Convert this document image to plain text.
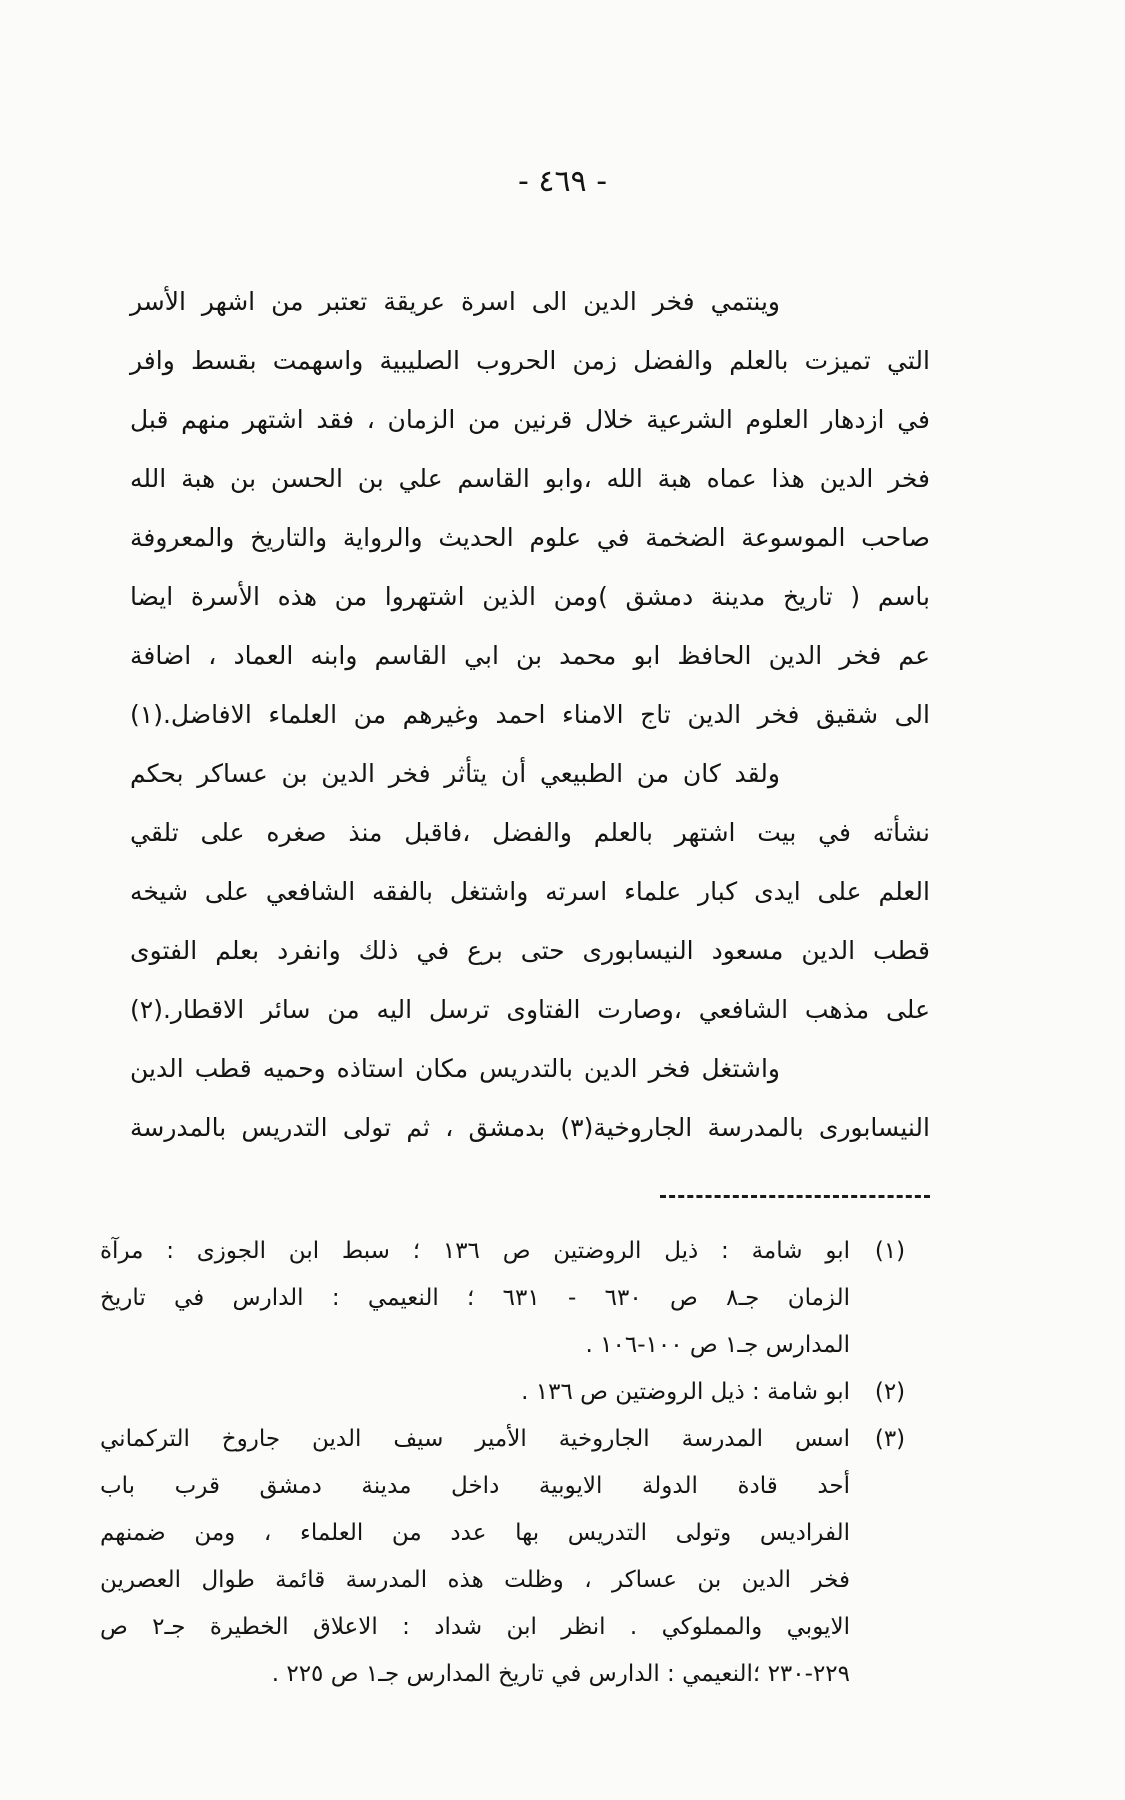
- ٤٦٩ -

وينتمي فخر الدين الى اسرة عريقة تعتبر من اشهر الأسر
التي تميزت بالعلم والفضل زمن الحروب الصليبية واسهمت بقسط وافر
في ازدهار العلوم الشرعية خلال قرنين من الزمان ، فقد اشتهر منهم قبل
فخر الدين هذا عماه هبة الله ،وابو القاسم علي بن الحسن بن هبة الله
صاحب الموسوعة الضخمة في علوم الحديث والرواية والتاريخ والمعروفة
باسم ( تاريخ مدينة دمشق )ومن الذين اشتهروا من هذه الأسرة ايضا
عم فخر الدين الحافظ ابو محمد بن ابي القاسم وابنه العماد ، اضافة
الى شقيق فخر الدين تاج الامناء احمد وغيرهم من العلماء الافاضل.(١)

ولقد كان من الطبيعي أن يتأثر فخر الدين بن عساكر بحكم
نشأته في بيت اشتهر بالعلم والفضل ،فاقبل منذ صغره على تلقي
العلم على ايدى كبار علماء اسرته واشتغل بالفقه الشافعي على شيخه
قطب الدين مسعود النيسابورى حتى برع في ذلك وانفرد بعلم الفتوى
على مذهب الشافعي ،وصارت الفتاوى ترسل اليه من سائر الاقطار.(٢)

واشتغل فخر الدين بالتدريس مكان استاذه وحميه قطب الدين
النيسابورى بالمدرسة الجاروخية(٣) بدمشق ، ثم تولى التدريس بالمدرسة

(١)
ابو شامة : ذيل الروضتين ص ١٣٦ ؛ سبط ابن الجوزى : مرآة
الزمان جـ٨ ص ٦٣٠ - ٦٣١ ؛ النعيمي : الدارس في تاريخ
المدارس جـ١ ص ١٠٠-١٠٦ .
(٢)
ابو شامة : ذيل الروضتين ص ١٣٦ .
(٣)
اسس المدرسة الجاروخية الأمير سيف الدين جاروخ التركماني
أحد قادة الدولة الايوبية داخل مدينة دمشق قرب باب
الفراديس وتولى التدريس بها عدد من العلماء ، ومن ضمنهم
فخر الدين بن عساكر ، وظلت هذه المدرسة قائمة طوال العصرين
الايوبي والمملوكي . انظر ابن شداد : الاعلاق الخطيرة جـ٢ ص
٢٢٩-٢٣٠ ؛النعيمي : الدارس في تاريخ المدارس جـ١ ص ٢٢٥ .
